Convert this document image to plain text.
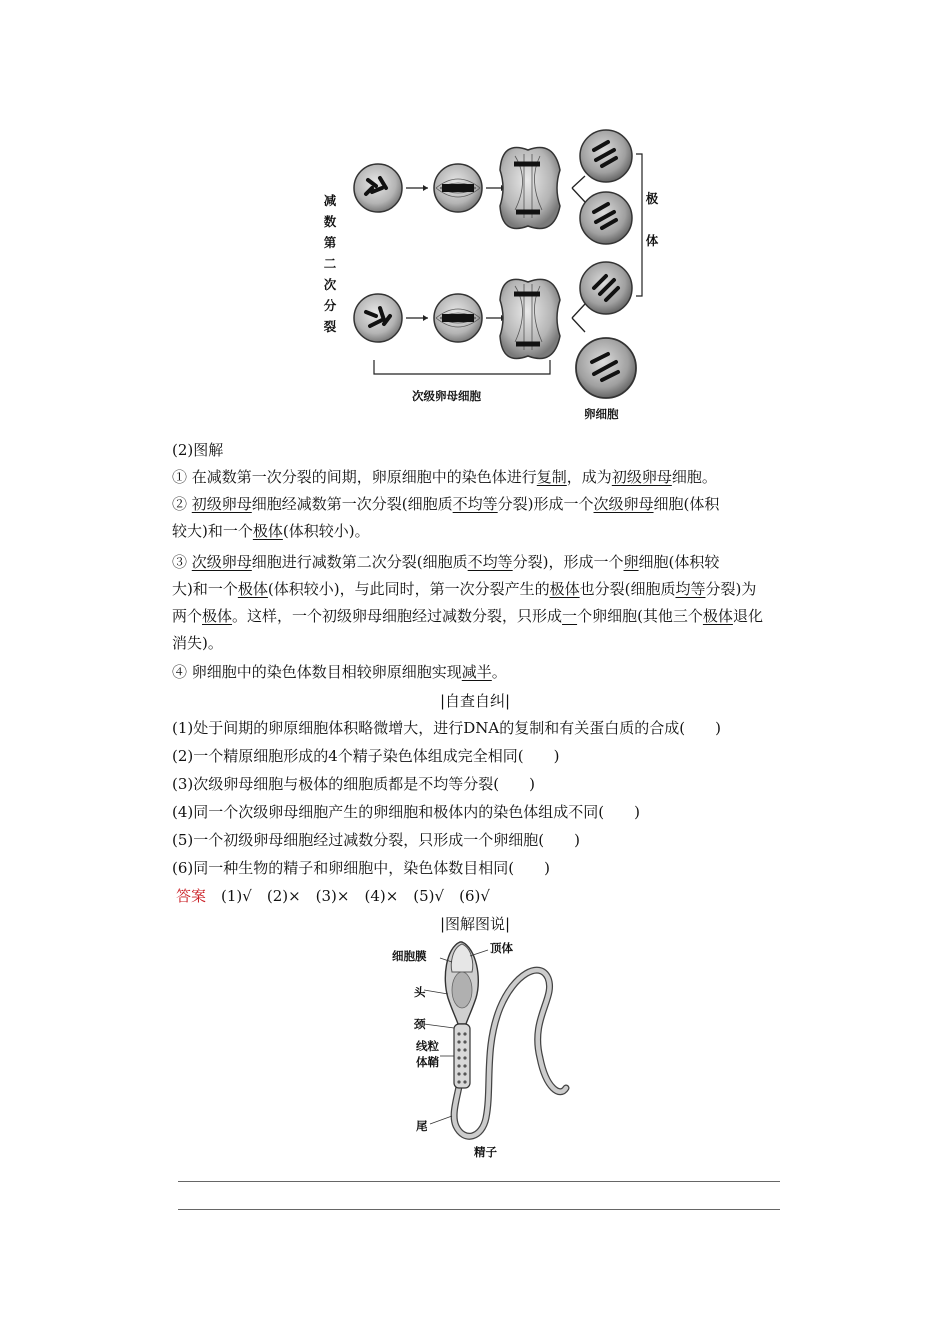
减
数
第
二
次
分
裂
极
体
次级卵母细胞
卵细胞
(2)图解
① 在减数第一次分裂的间期，卵原细胞中的染色体进行复制，成为初级卵母细胞。
② 初级卵母细胞经减数第一次分裂(细胞质不均等分裂)形成一个次级卵母细胞(体积
较大)和一个极体(体积较小)。
③ 次级卵母细胞进行减数第二次分裂(细胞质不均等分裂)，形成一个卵细胞(体积较
大)和一个极体(体积较小)，与此同时，第一次分裂产生的极体也分裂(细胞质均等分裂)为
两个极体。这样，一个初级卵母细胞经过减数分裂，只形成一个卵细胞(其他三个极体退化
消失)。
④ 卵细胞中的染色体数目相较卵原细胞实现减半。
|自查自纠|
(1)处于间期的卵原细胞体积略微增大，进行DNA的复制和有关蛋白质的合成(　　)
(2)一个精原细胞形成的4个精子染色体组成完全相同(　　)
(3)次级卵母细胞与极体的细胞质都是不均等分裂(　　)
(4)同一个次级卵母细胞产生的卵细胞和极体内的染色体组成不同(　　)
(5)一个初级卵母细胞经过减数分裂，只形成一个卵细胞(　　)
(6)同一种生物的精子和卵细胞中，染色体数目相同(　　)
答案　 (1)√　(2)×　(3)×　(4)×　(5)√　(6)√
|图解图说|
细胞膜
顶体
头
颈
线粒
体鞘
尾
精子
